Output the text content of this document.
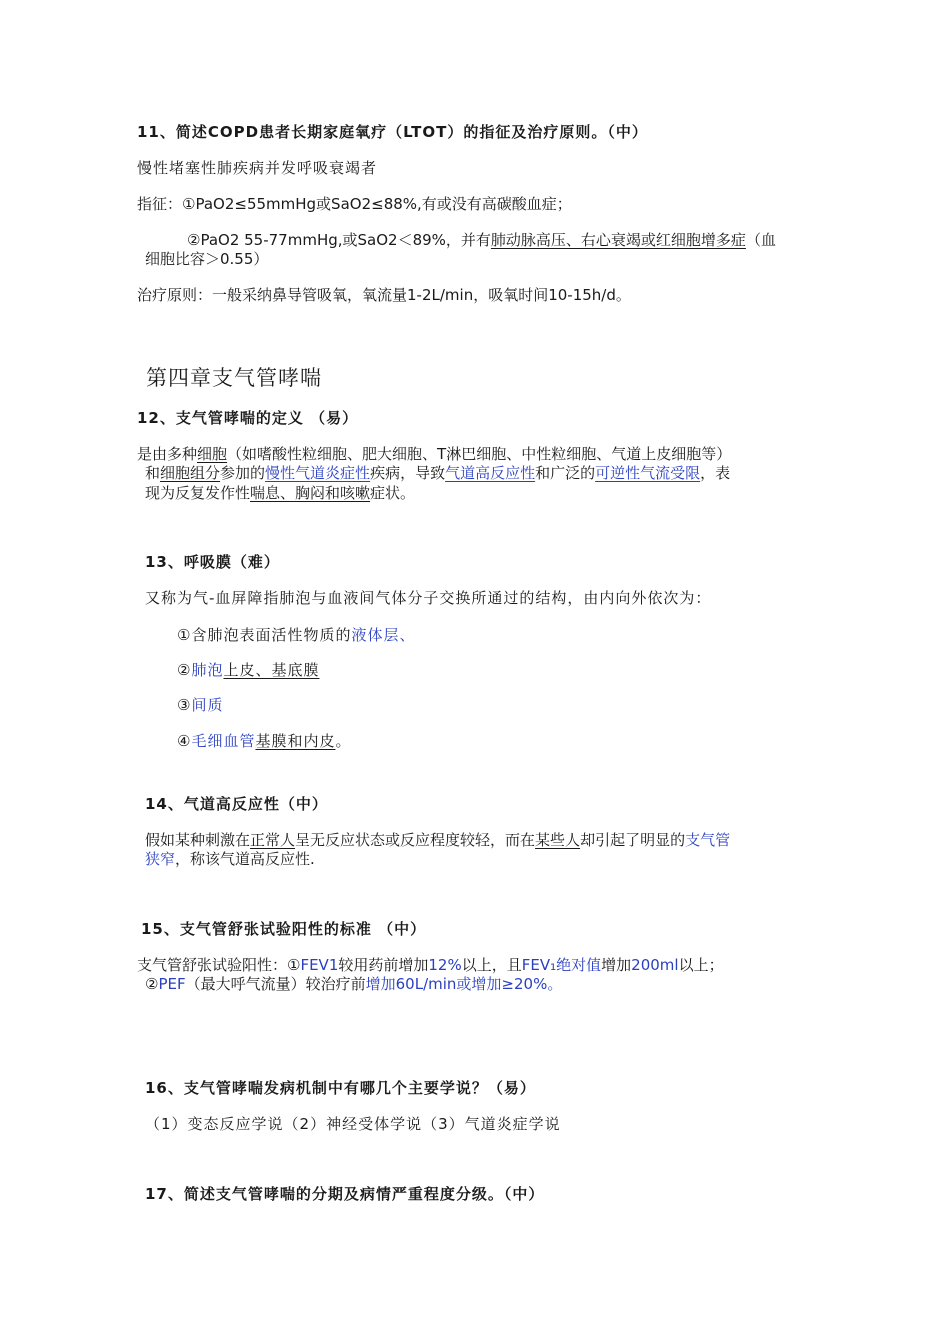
11、简述COPD患者长期家庭氧疗（LTOT）的指征及治疗原则。（中）
慢性堵塞性肺疾病并发呼吸衰竭者
指征：①PaO2≤55mmHg或SaO2≤88%,有或没有高碳酸血症；
②PaO2 55-77mmHg,或SaO2＜89%，并有肺动脉高压、右心衰竭或红细胞增多症（血
细胞比容＞0.55）
治疗原则：一般采纳鼻导管吸氧，氧流量1-2L/min，吸氧时间10-15h/d。
第四章支气管哮喘
12、支气管哮喘的定义 （易）
是由多种细胞（如嗜酸性粒细胞、肥大细胞、T淋巴细胞、中性粒细胞、气道上皮细胞等）
和细胞组分参加的慢性气道炎症性疾病，导致气道高反应性和广泛的可逆性气流受限，表
现为反复发作性喘息、胸闷和咳嗽症状。
13、呼吸膜（难）
又称为气-血屏障指肺泡与血液间气体分子交换所通过的结构，由内向外依次为：
①含肺泡表面活性物质的液体层、
②肺泡上皮、基底膜
③间质
④毛细血管基膜和内皮。
14、气道高反应性（中）
假如某种刺激在正常人呈无反应状态或反应程度较轻，而在某些人却引起了明显的支气管
狭窄，称该气道高反应性.
15、支气管舒张试验阳性的标准 （中）
支气管舒张试验阳性：①FEV1较用药前增加12%以上，且FEV₁绝对值增加200ml以上；
②PEF（最大呼气流量）较治疗前增加60L/min或增加≥20%。
16、支气管哮喘发病机制中有哪几个主要学说？（易）
（1）变态反应学说（2）神经受体学说（3）气道炎症学说
17、简述支气管哮喘的分期及病情严重程度分级。（中）
